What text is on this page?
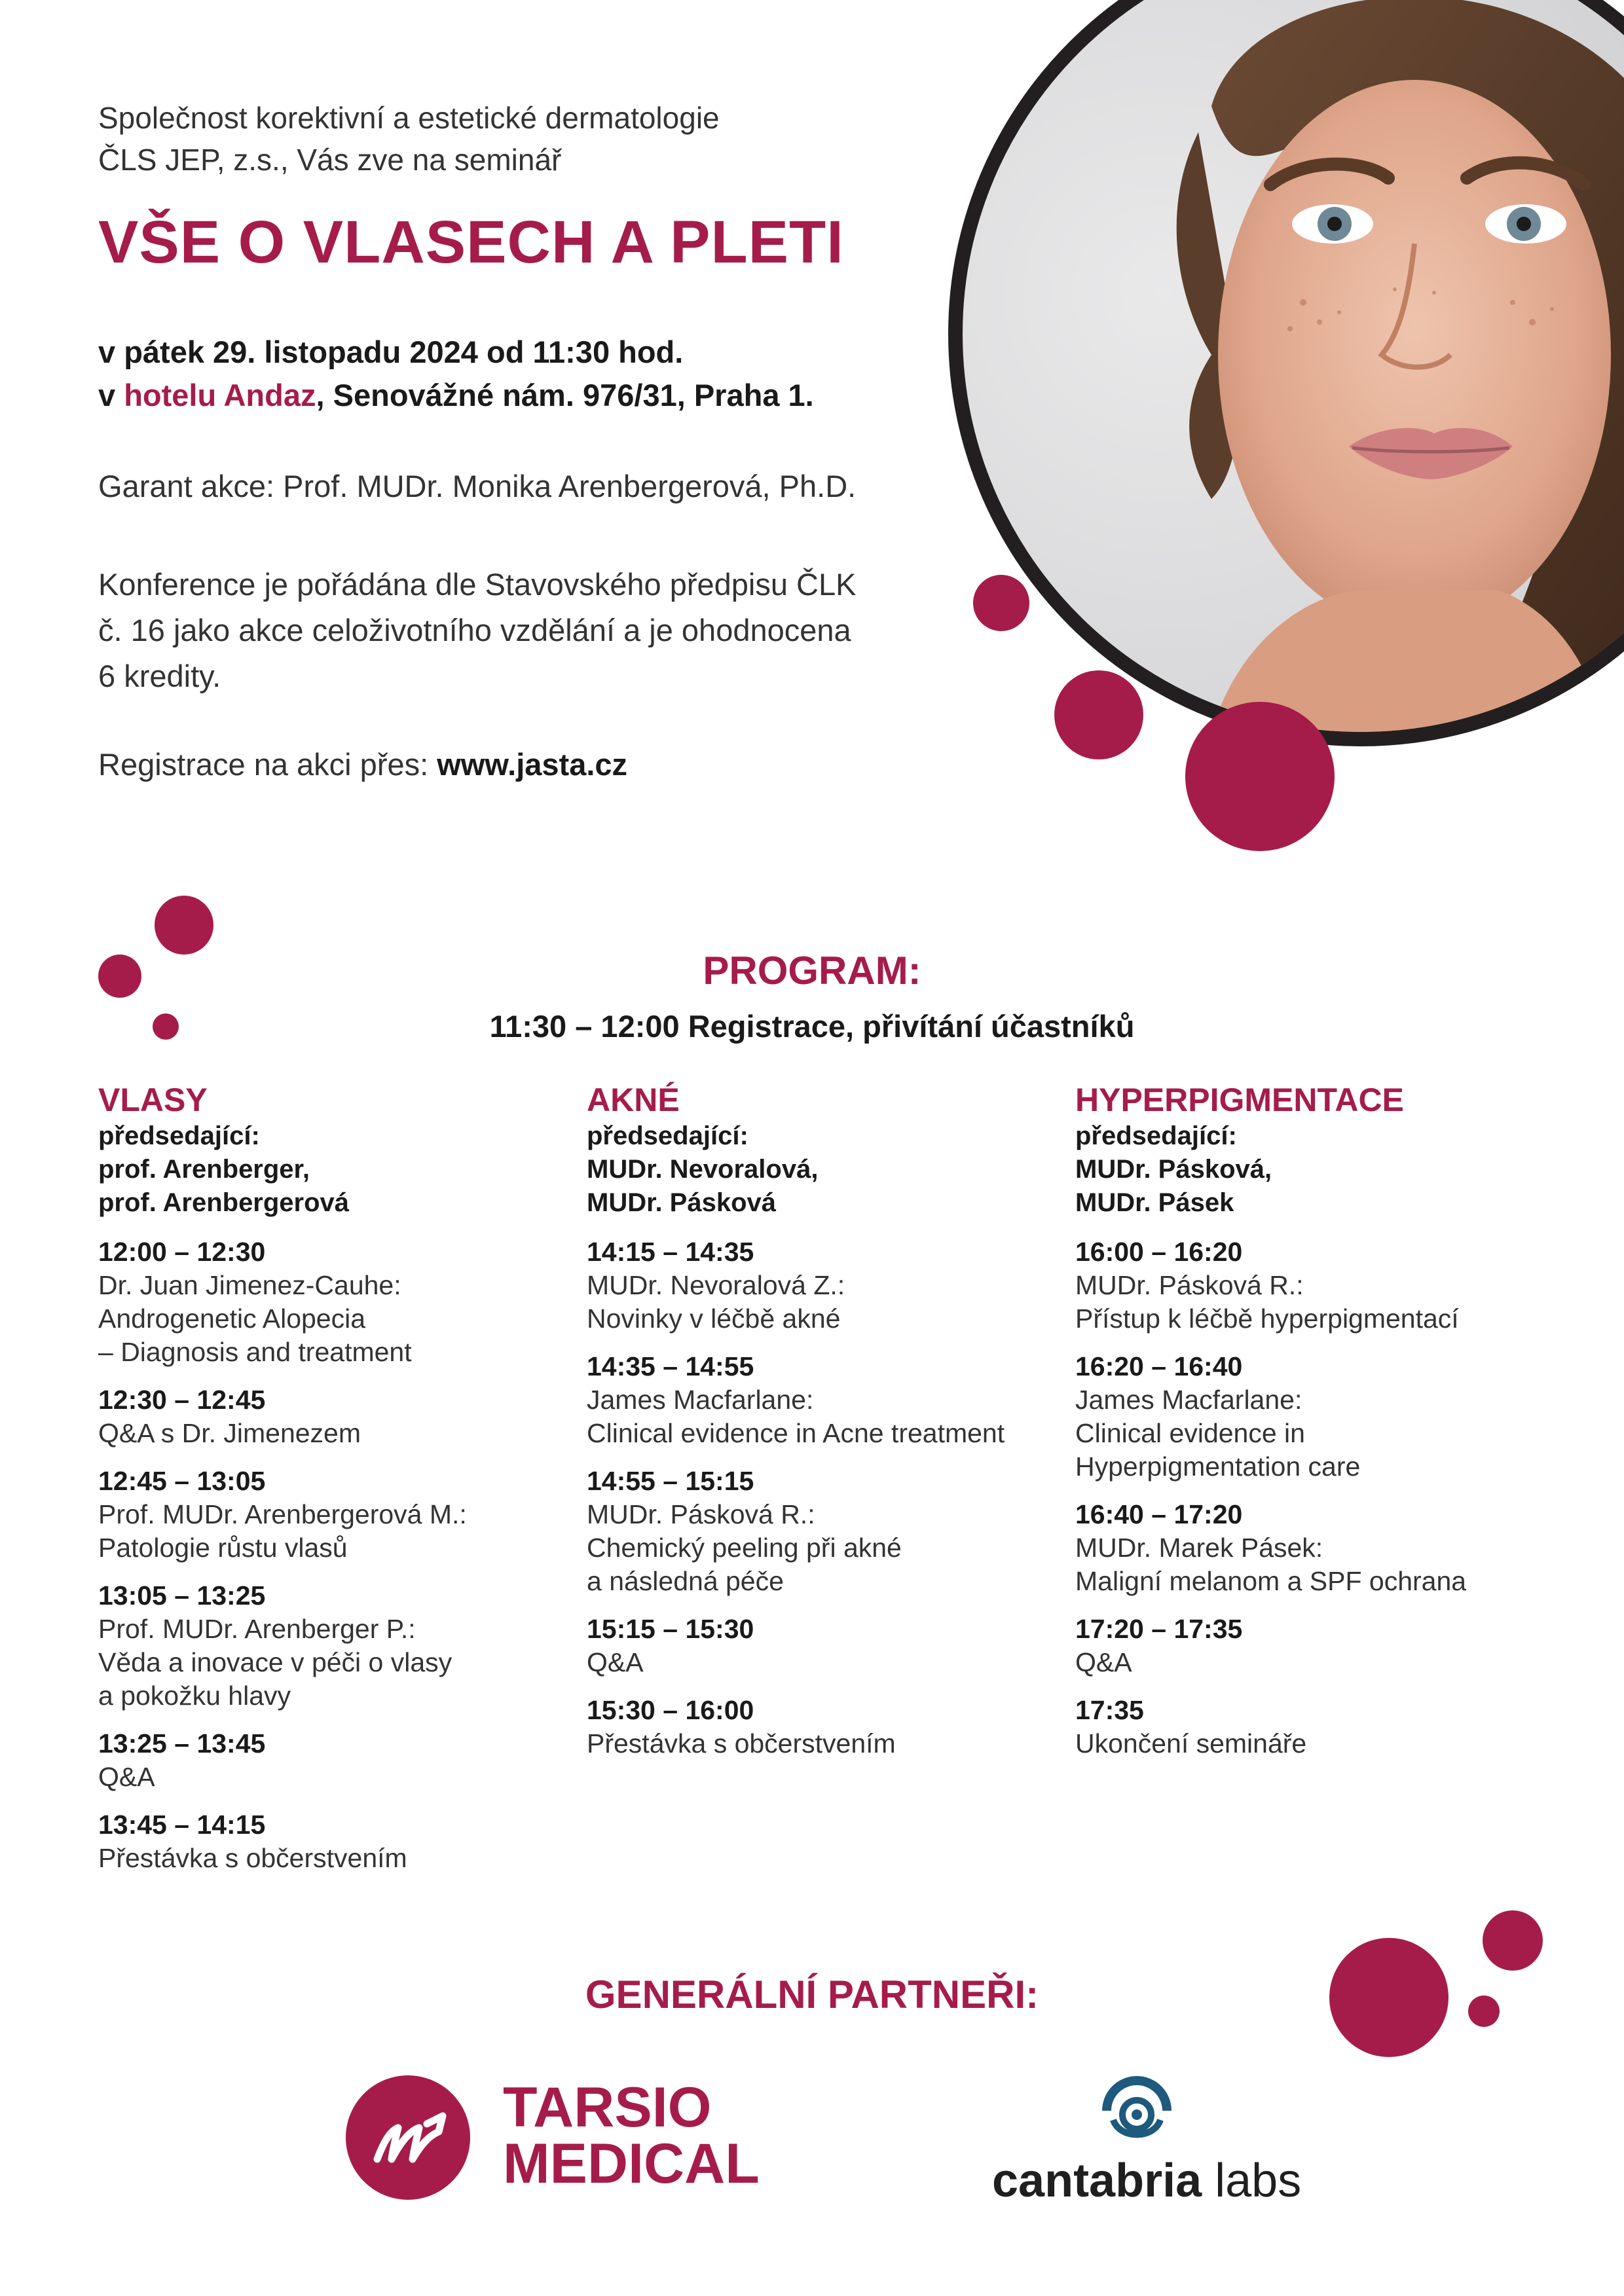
Společnost korektivní a estetické dermatologie
ČLS JEP, z.s., Vás zve na seminář
VŠE O VLASECH A PLETI
v pátek 29. listopadu 2024 od 11:30 hod.
v hotelu Andaz, Senovážné nám. 976/31, Praha 1.
Garant akce: Prof. MUDr. Monika Arenbergerová, Ph.D.
Konference je pořádána dle Stavovského předpisu ČLK
č. 16 jako akce celoživotního vzdělání a je ohodnocena
6 kredity.
Registrace na akci přes: www.jasta.cz
PROGRAM:
11:30 – 12:00 Registrace, přivítání účastníků
VLASY
předsedající:
prof. Arenberger,
prof. Arenbergerová
12:00 – 12:30
Dr. Juan Jimenez-Cauhe:
Androgenetic Alopecia
– Diagnosis and treatment
12:30 – 12:45
Q&A s Dr. Jimenezem
12:45 – 13:05
Prof. MUDr. Arenbergerová M.:
Patologie růstu vlasů
13:05 – 13:25
Prof. MUDr. Arenberger P.:
Věda a inovace v péči o vlasy
a pokožku hlavy
13:25 – 13:45
Q&A
13:45 – 14:15
Přestávka s občerstvením
AKNÉ
předsedající:
MUDr. Nevoralová,
MUDr. Pásková
14:15 – 14:35
MUDr. Nevoralová Z.:
Novinky v léčbě akné
14:35 – 14:55
James Macfarlane:
Clinical evidence in Acne treatment
14:55 – 15:15
MUDr. Pásková R.:
Chemický peeling při akné
a následná péče
15:15 – 15:30
Q&A
15:30 – 16:00
Přestávka s občerstvením
HYPERPIGMENTACE
předsedající:
MUDr. Pásková,
MUDr. Pásek
16:00 – 16:20
MUDr. Pásková R.:
Přístup k léčbě hyperpigmentací
16:20 – 16:40
James Macfarlane:
Clinical evidence in
Hyperpigmentation care
16:40 – 17:20
MUDr. Marek Pásek:
Maligní melanom a SPF ochrana
17:20 – 17:35
Q&A
17:35
Ukončení semináře
GENERÁLNÍ PARTNEŘI:
TARSIO
MEDICAL	cantabria labs
